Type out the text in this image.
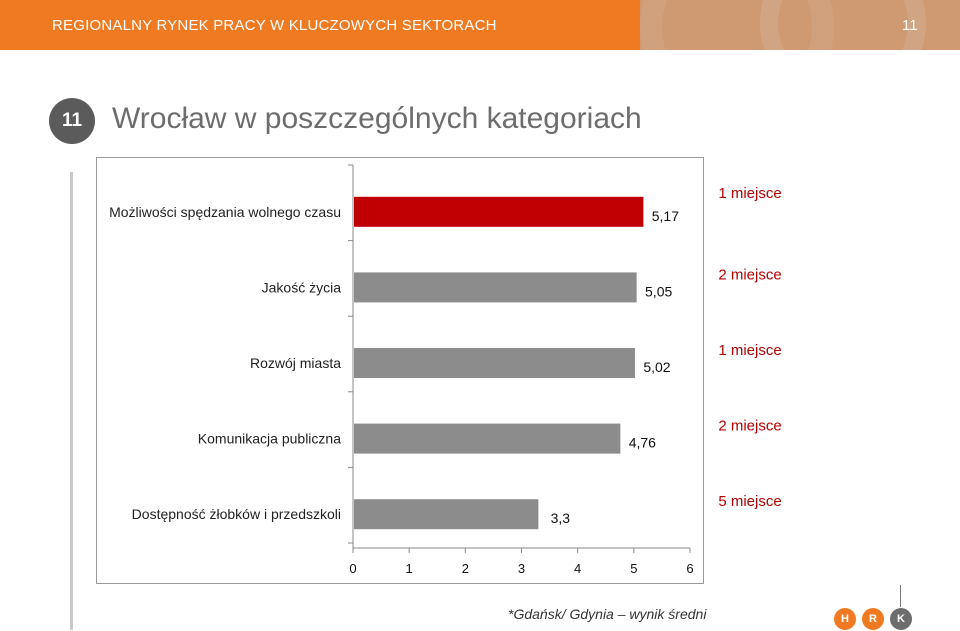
REGIONALNY RYNEK PRACY W KLUCZOWYCH SEKTORACH	11
11 Wrocław w poszczególnych kategoriach
0	1	2	3	4	5	6
Możliwości spędzania wolnego czasu	5,17
1 miejsce
Jakość życia	5,05
2 miejsce
Rozwój miasta	5,02
1 miejsce
Komunikacja publiczna	4,76
2 miejsce
Dostępność żłobków i przedszkoli	3,3
5 miejsce
*Gdańsk/ Gdynia – wynik średni	H	R	K
